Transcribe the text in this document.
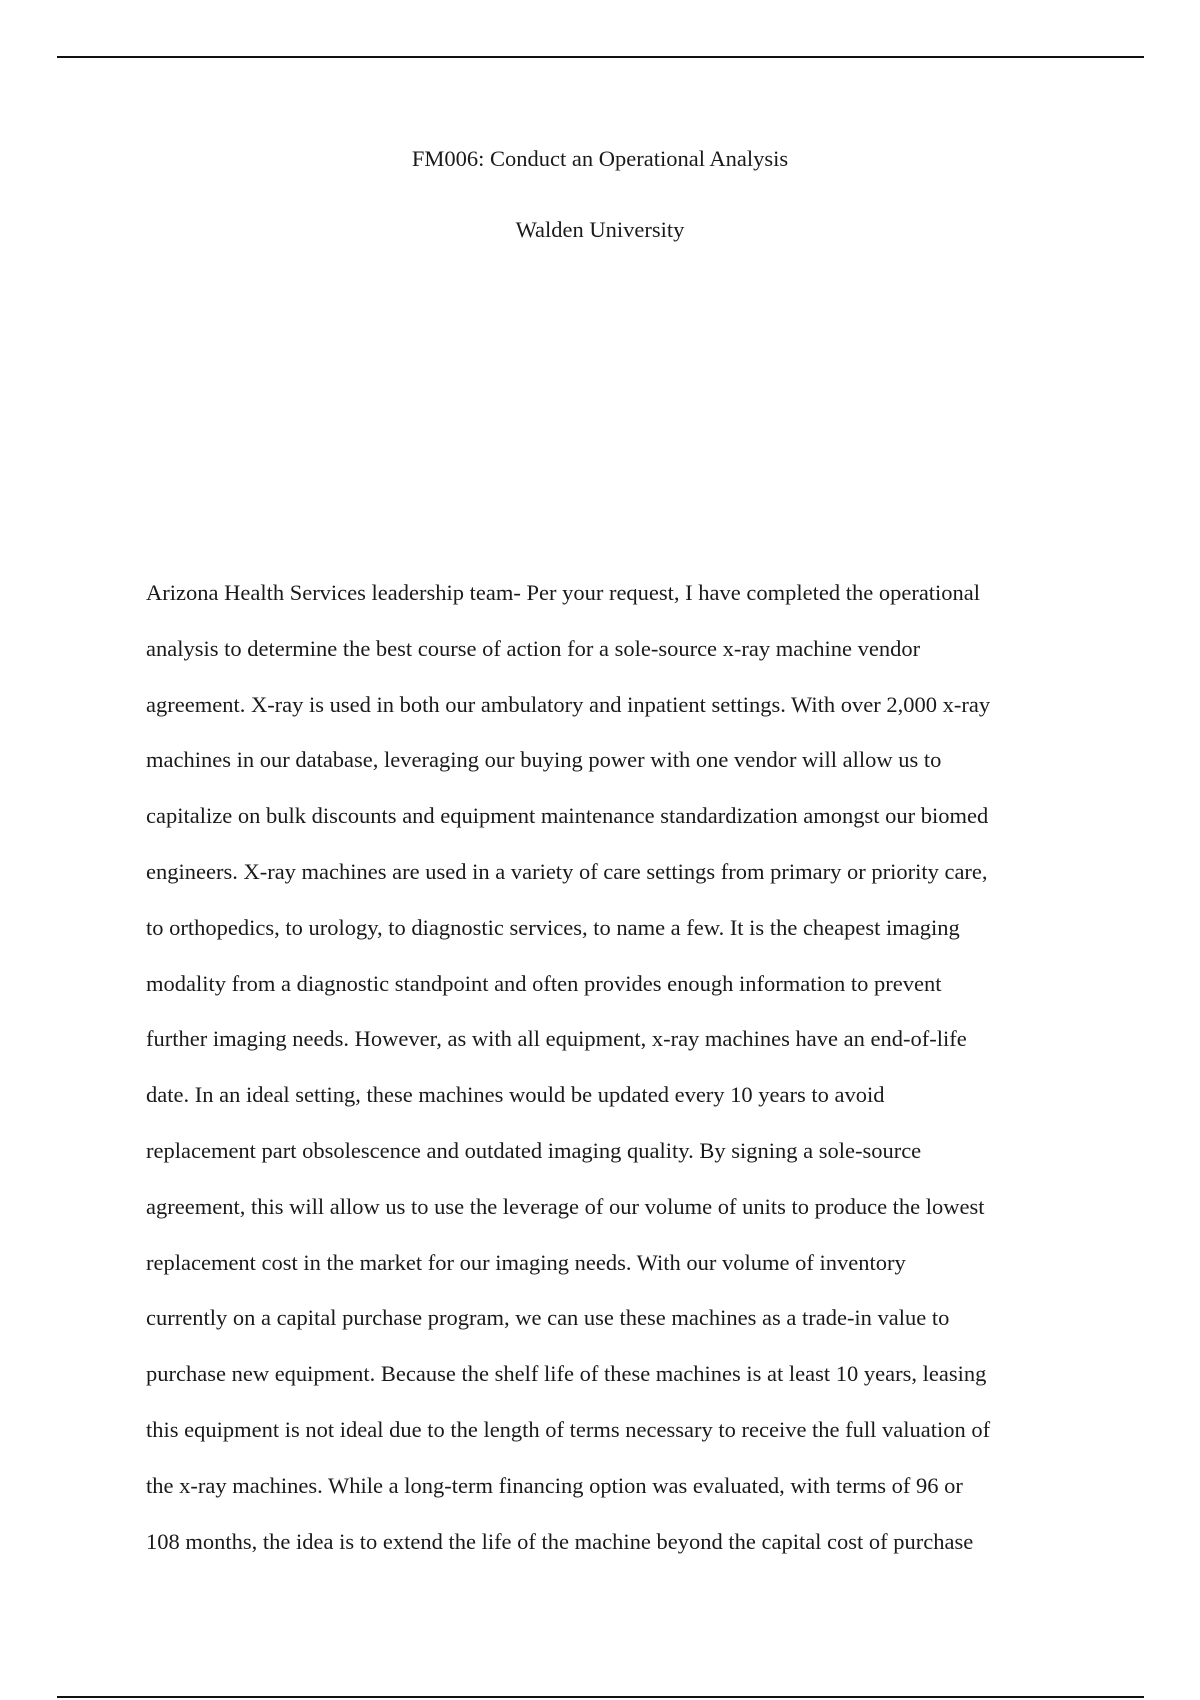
FM006: Conduct an Operational Analysis
Walden University
Arizona Health Services leadership team- Per your request, I have completed the operational
analysis to determine the best course of action for a sole-source x-ray machine vendor
agreement. X-ray is used in both our ambulatory and inpatient settings. With over 2,000 x-ray
machines in our database, leveraging our buying power with one vendor will allow us to
capitalize on bulk discounts and equipment maintenance standardization amongst our biomed
engineers. X-ray machines are used in a variety of care settings from primary or priority care,
to orthopedics, to urology, to diagnostic services, to name a few. It is the cheapest imaging
modality from a diagnostic standpoint and often provides enough information to prevent
further imaging needs. However, as with all equipment, x-ray machines have an end-of-life
date. In an ideal setting, these machines would be updated every 10 years to avoid
replacement part obsolescence and outdated imaging quality. By signing a sole-source
agreement, this will allow us to use the leverage of our volume of units to produce the lowest
replacement cost in the market for our imaging needs. With our volume of inventory
currently on a capital purchase program, we can use these machines as a trade-in value to
purchase new equipment. Because the shelf life of these machines is at least 10 years, leasing
this equipment is not ideal due to the length of terms necessary to receive the full valuation of
the x-ray machines. While a long-term financing option was evaluated, with terms of 96 or
108 months, the idea is to extend the life of the machine beyond the capital cost of purchase
